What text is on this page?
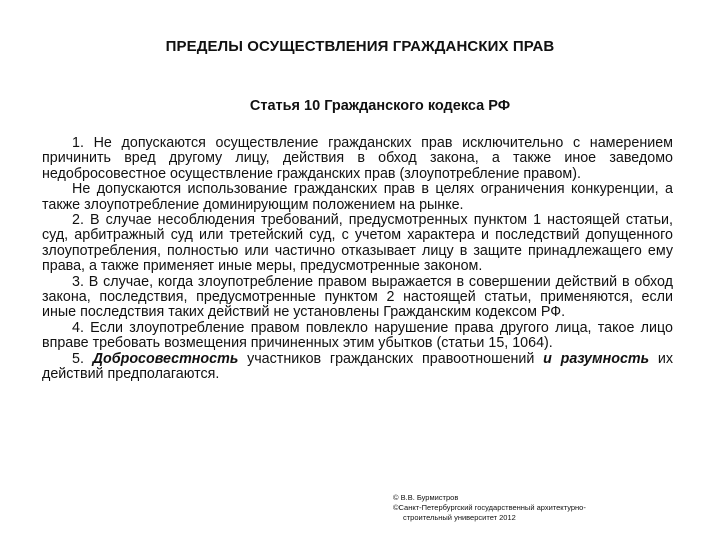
ПРЕДЕЛЫ ОСУЩЕСТВЛЕНИЯ ГРАЖДАНСКИХ ПРАВ
Статья 10 Гражданского кодекса РФ

1. Не допускаются осуществление гражданских прав исключительно с намерением причинить вред другому лицу, действия в обход закона, а также иное заведомо недобросовестное осуществление гражданских прав (злоупотребление правом).

Не допускаются использование гражданских прав в целях ограничения конкуренции, а также злоупотребление доминирующим положением на рынке.

2. В случае несоблюдения требований, предусмотренных пунктом 1 настоящей статьи, суд, арбитражный суд или третейский суд, с учетом характера и последствий допущенного злоупотребления, полностью или частично отказывает лицу в защите принадлежащего ему права, а также применяет иные меры, предусмотренные законом.

3. В случае, когда злоупотребление правом выражается в совершении действий в обход закона, последствия, предусмотренные пунктом 2 настоящей статьи, применяются, если иные последствия таких действий не установлены Гражданским кодексом РФ.

4. Если злоупотребление правом повлекло нарушение права другого лица, такое лицо вправе требовать возмещения причиненных этим убытков (статьи 15, 1064).

5. Добросовестность участников гражданских правоотношений и разумность их действий предполагаются.

© В.В. Бурмистров
©Санкт-Петербургский государственный архитектурно-

строительный университет 2012
